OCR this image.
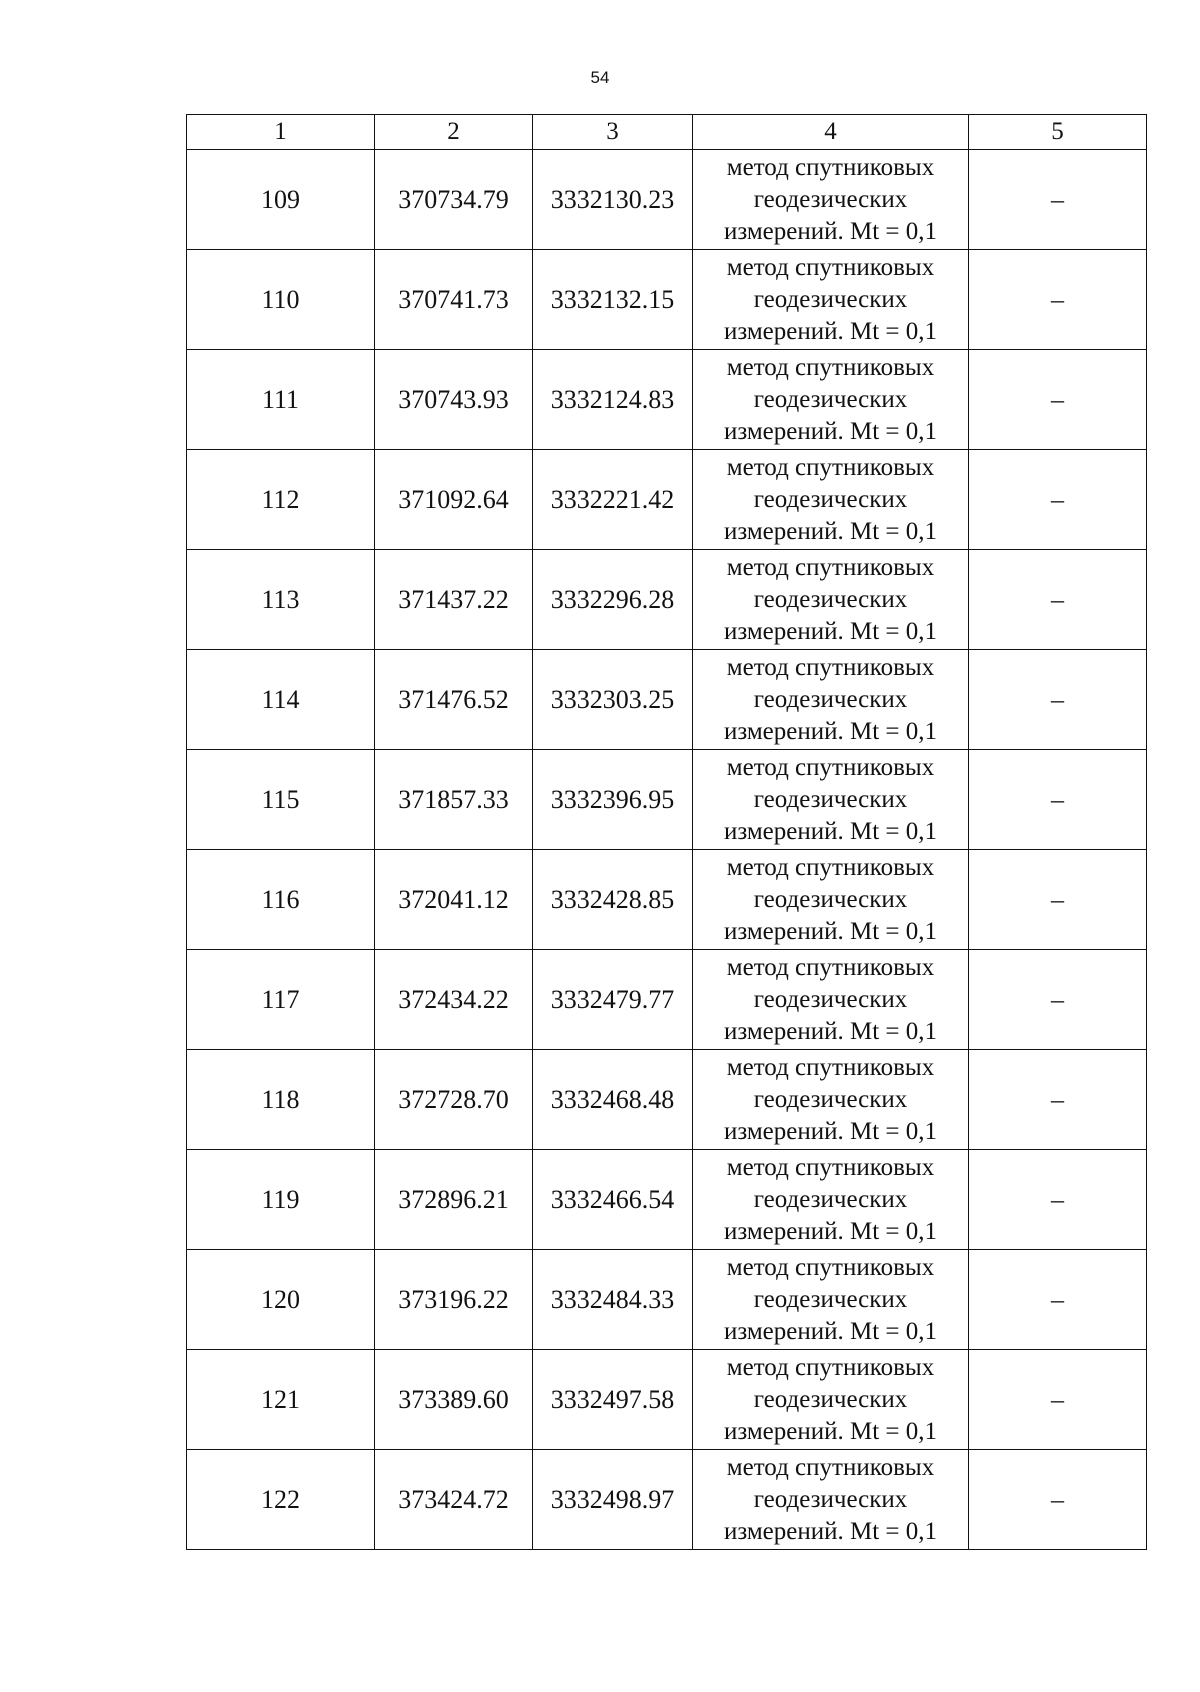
54
1	2	3	4	5
109	370734.79	3332130.23	метод спутниковых
геодезических
измерений. Mt = 0,1	–
110	370741.73	3332132.15	метод спутниковых
геодезических
измерений. Mt = 0,1	–
111	370743.93	3332124.83	метод спутниковых
геодезических
измерений. Mt = 0,1	–
112	371092.64	3332221.42	метод спутниковых
геодезических
измерений. Mt = 0,1	–
113	371437.22	3332296.28	метод спутниковых
геодезических
измерений. Mt = 0,1	–
114	371476.52	3332303.25	метод спутниковых
геодезических
измерений. Mt = 0,1	–
115	371857.33	3332396.95	метод спутниковых
геодезических
измерений. Mt = 0,1	–
116	372041.12	3332428.85	метод спутниковых
геодезических
измерений. Mt = 0,1	–
117	372434.22	3332479.77	метод спутниковых
геодезических
измерений. Mt = 0,1	–
118	372728.70	3332468.48	метод спутниковых
геодезических
измерений. Mt = 0,1	–
119	372896.21	3332466.54	метод спутниковых
геодезических
измерений. Mt = 0,1	–
120	373196.22	3332484.33	метод спутниковых
геодезических
измерений. Mt = 0,1	–
121	373389.60	3332497.58	метод спутниковых
геодезических
измерений. Mt = 0,1	–
122	373424.72	3332498.97	метод спутниковых
геодезических
измерений. Mt = 0,1	–
